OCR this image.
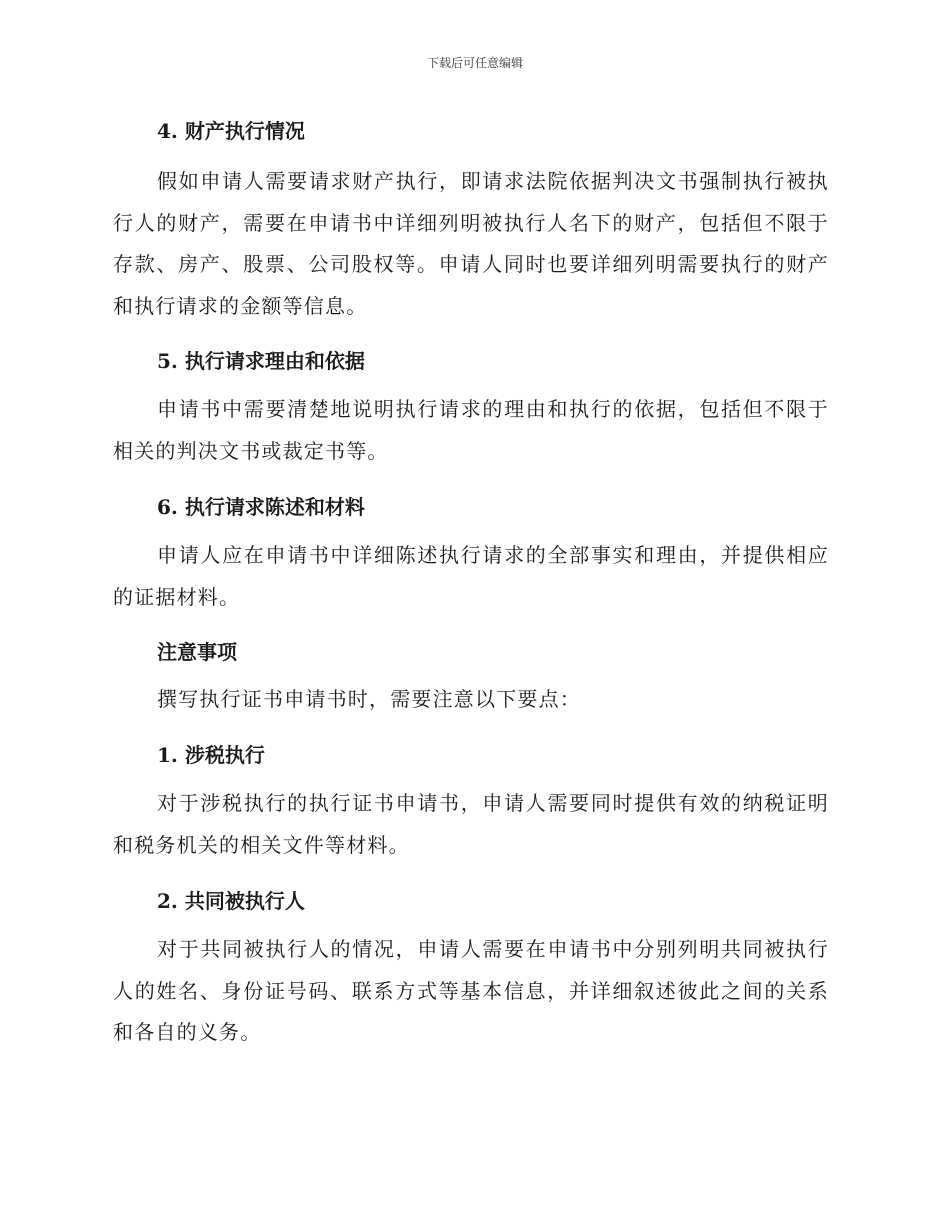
下载后可任意编辑
4. 财产执行情况
假如申请人需要请求财产执行，即请求法院依据判决文书强制执行被执行人的财产，需要在申请书中详细列明被执行人名下的财产，包括但不限于存款、房产、股票、公司股权等。申请人同时也要详细列明需要执行的财产和执行请求的金额等信息。
5. 执行请求理由和依据
申请书中需要清楚地说明执行请求的理由和执行的依据，包括但不限于相关的判决文书或裁定书等。
6. 执行请求陈述和材料
申请人应在申请书中详细陈述执行请求的全部事实和理由，并提供相应的证据材料。
注意事项
撰写执行证书申请书时，需要注意以下要点：
1. 涉税执行
对于涉税执行的执行证书申请书，申请人需要同时提供有效的纳税证明和税务机关的相关文件等材料。
2. 共同被执行人
对于共同被执行人的情况，申请人需要在申请书中分别列明共同被执行人的姓名、身份证号码、联系方式等基本信息，并详细叙述彼此之间的关系和各自的义务。
